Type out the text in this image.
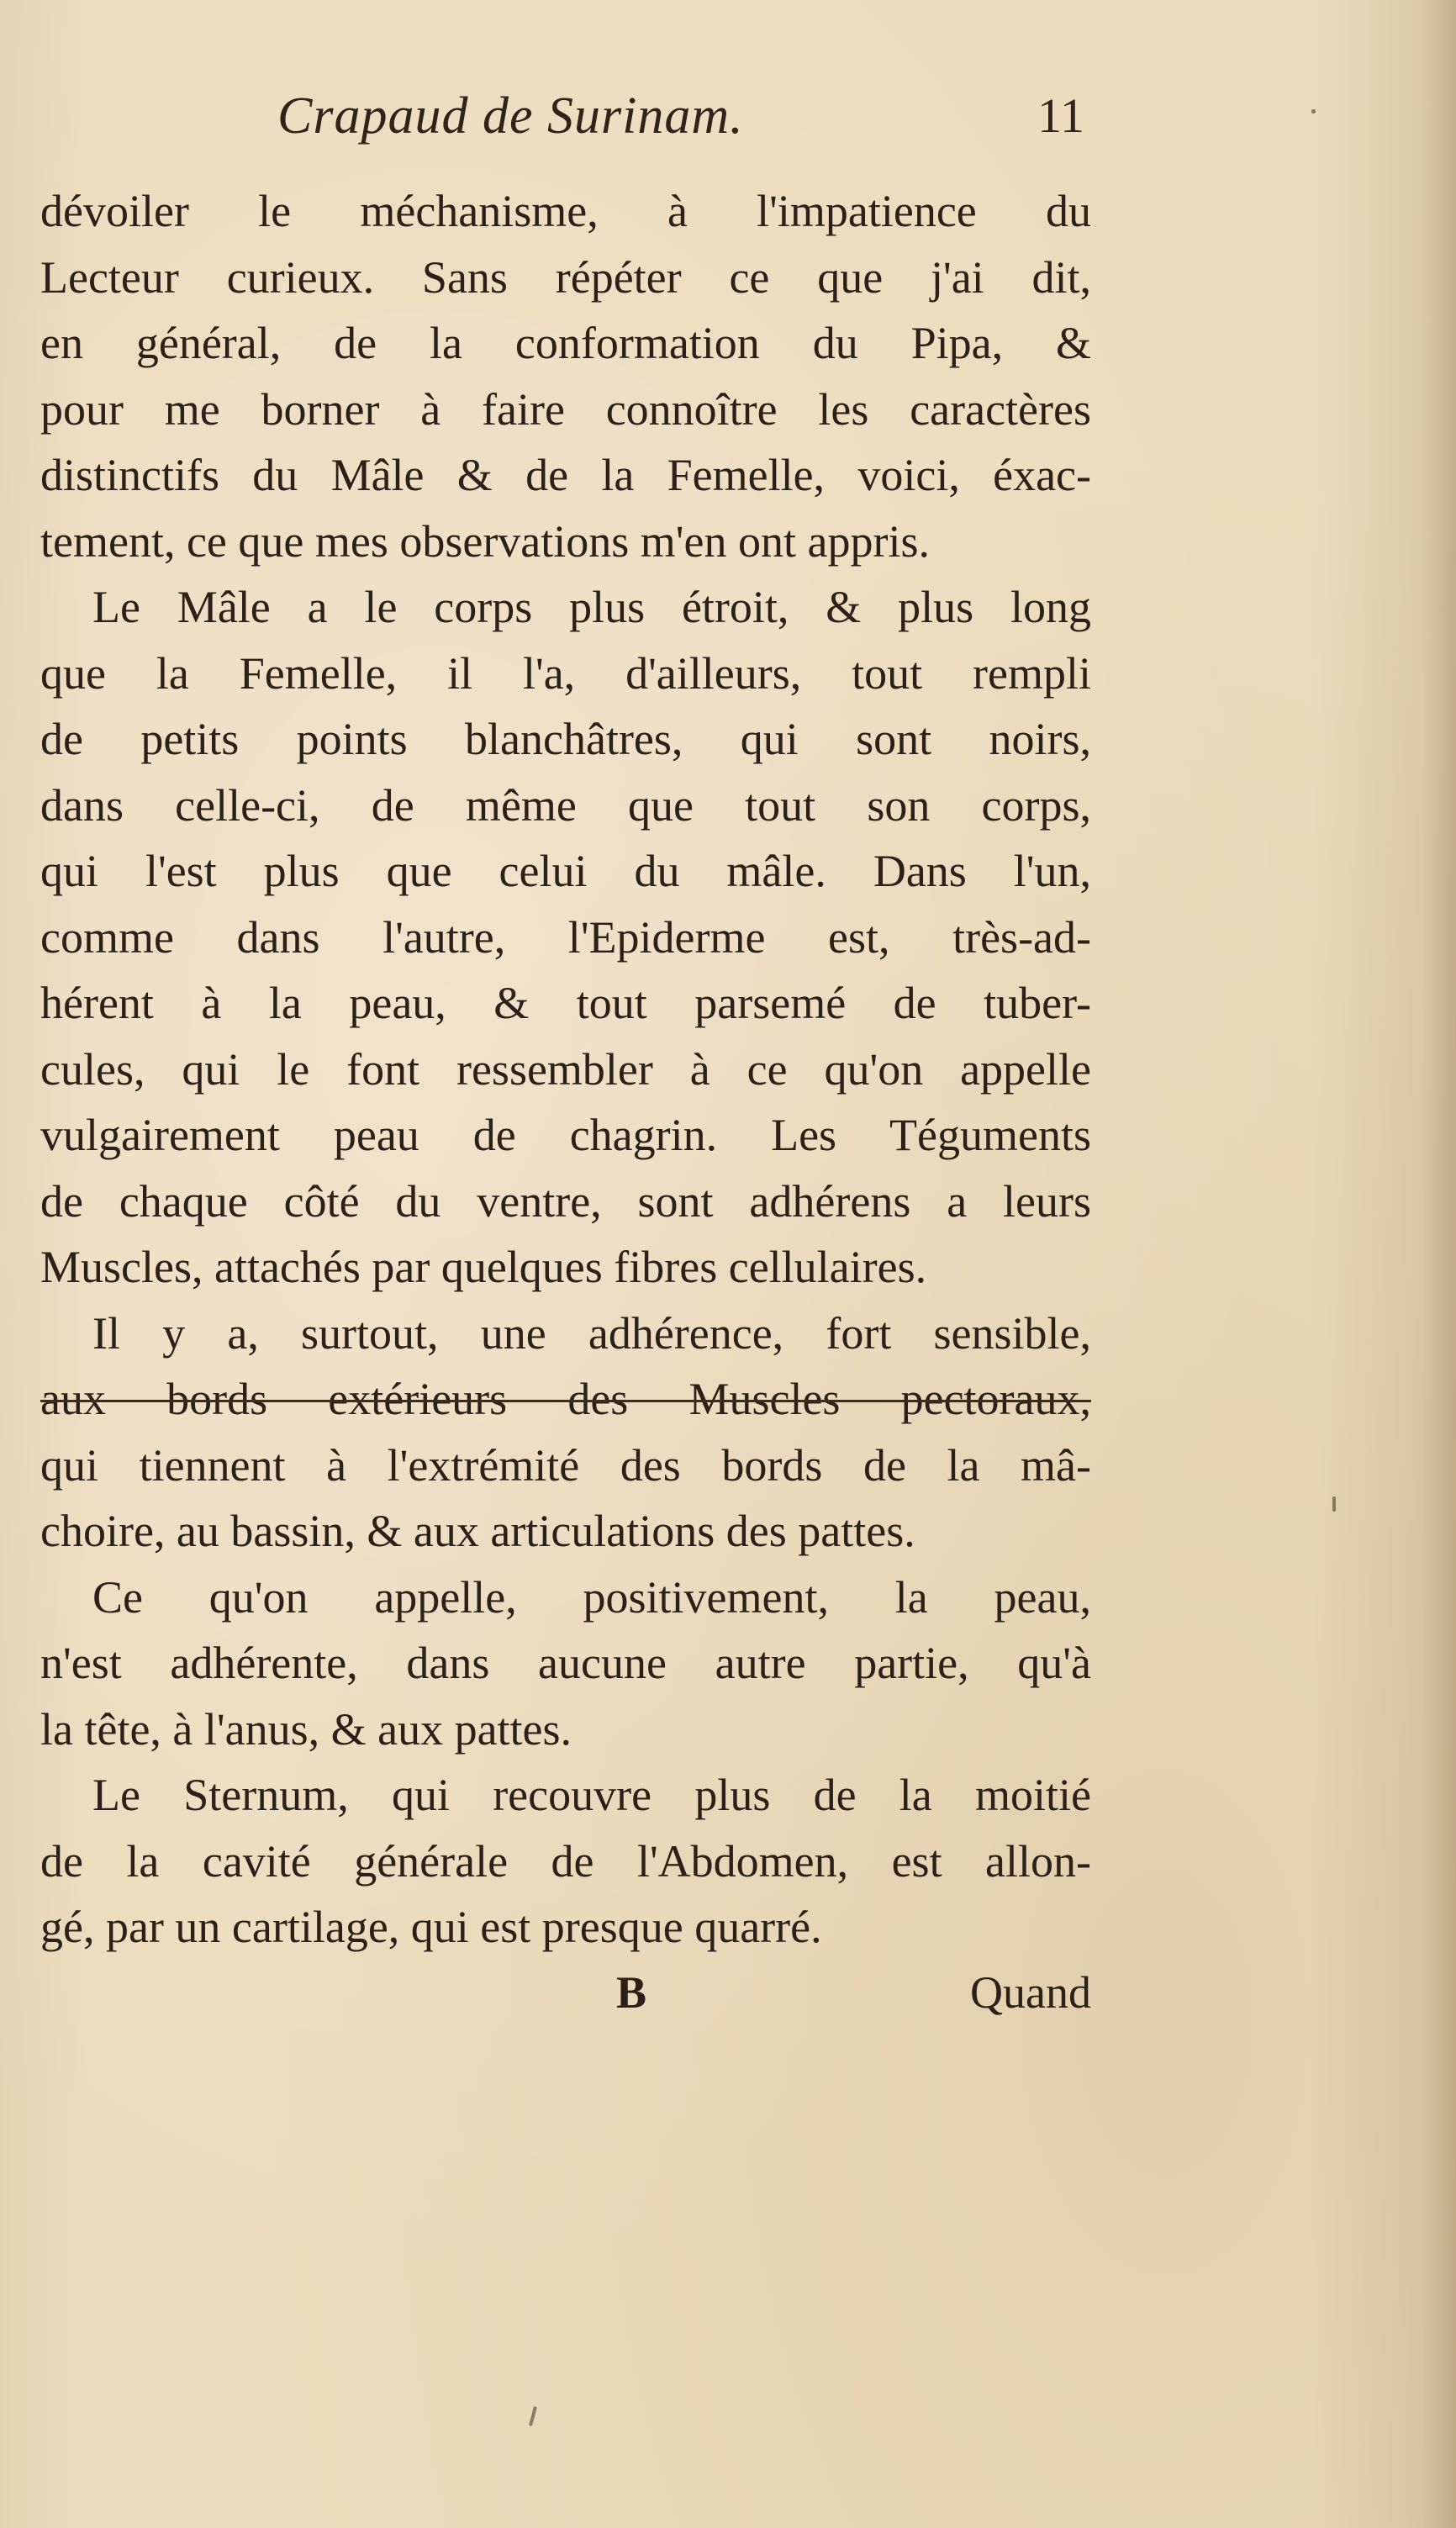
Crapaud de Surinam.	11
dévoiler le méchanisme, à l'impatience du
Lecteur curieux. Sans répéter ce que j'ai dit,
en général, de la conformation du Pipa, &
pour me borner à faire connoître les caractères
distinctifs du Mâle & de la Femelle, voici, éxac-
tement, ce que mes observations m'en ont appris.
Le Mâle a le corps plus étroit, & plus long
que la Femelle, il l'a, d'ailleurs, tout rempli
de petits points blanchâtres, qui sont noirs,
dans celle-ci, de même que tout son corps,
qui l'est plus que celui du mâle. Dans l'un,
comme dans l'autre, l'Epiderme est, très-ad-
hérent à la peau, & tout parsemé de tuber-
cules, qui le font ressembler à ce qu'on appelle
vulgairement peau de chagrin. Les Téguments
de chaque côté du ventre, sont adhérens a leurs
Muscles, attachés par quelques fibres cellulaires.
Il y a, surtout, une adhérence, fort sensible,
aux bords extérieurs des Muscles pectoraux,
qui tiennent à l'extrémité des bords de la mâ-
choire, au bassin, & aux articulations des pattes.
Ce qu'on appelle, positivement, la peau,
n'est adhérente, dans aucune autre partie, qu'à
la tête, à l'anus, & aux pattes.
Le Sternum, qui recouvre plus de la moitié
de la cavité générale de l'Abdomen, est allon-
gé, par un cartilage, qui est presque quarré.
B	Quand
